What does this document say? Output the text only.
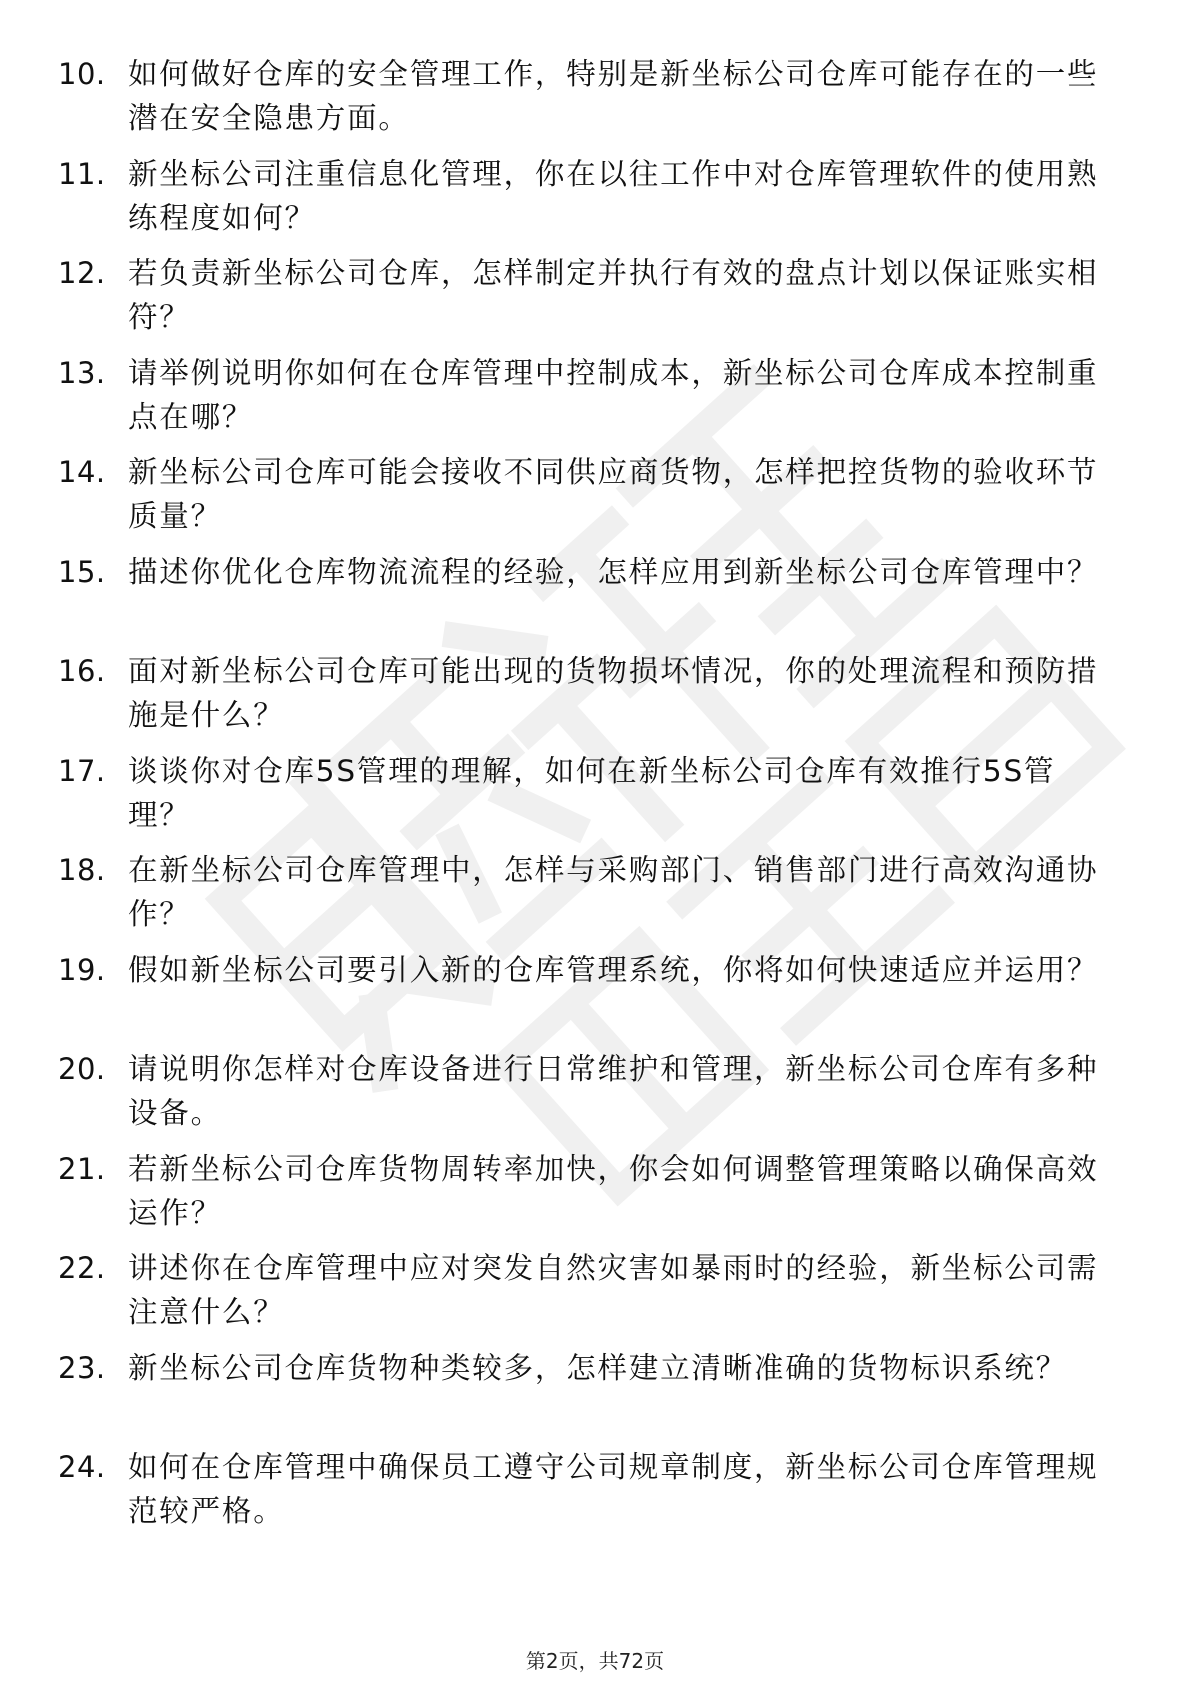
10. 如何做好仓库的安全管理工作，特别是新坐标公司仓库可能存在的一些潜在安全隐患方面。
11. 新坐标公司注重信息化管理，你在以往工作中对仓库管理软件的使用熟练程度如何？
12. 若负责新坐标公司仓库，怎样制定并执行有效的盘点计划以保证账实相符？
13. 请举例说明你如何在仓库管理中控制成本，新坐标公司仓库成本控制重点在哪？
14. 新坐标公司仓库可能会接收不同供应商货物，怎样把控货物的验收环节质量？
15. 描述你优化仓库物流流程的经验，怎样应用到新坐标公司仓库管理中？
16. 面对新坐标公司仓库可能出现的货物损坏情况，你的处理流程和预防措施是什么？
17. 谈谈你对仓库5S管理的理解，如何在新坐标公司仓库有效推行5S管理？
18. 在新坐标公司仓库管理中，怎样与采购部门、销售部门进行高效沟通协作？
19. 假如新坐标公司要引入新的仓库管理系统，你将如何快速适应并运用？
20. 请说明你怎样对仓库设备进行日常维护和管理，新坐标公司仓库有多种设备。
21. 若新坐标公司仓库货物周转率加快，你会如何调整管理策略以确保高效运作？
22. 讲述你在仓库管理中应对突发自然灾害如暴雨时的经验，新坐标公司需注意什么？
23. 新坐标公司仓库货物种类较多，怎样建立清晰准确的货物标识系统？
24. 如何在仓库管理中确保员工遵守公司规章制度，新坐标公司仓库管理规范较严格。
第2页，共72页
